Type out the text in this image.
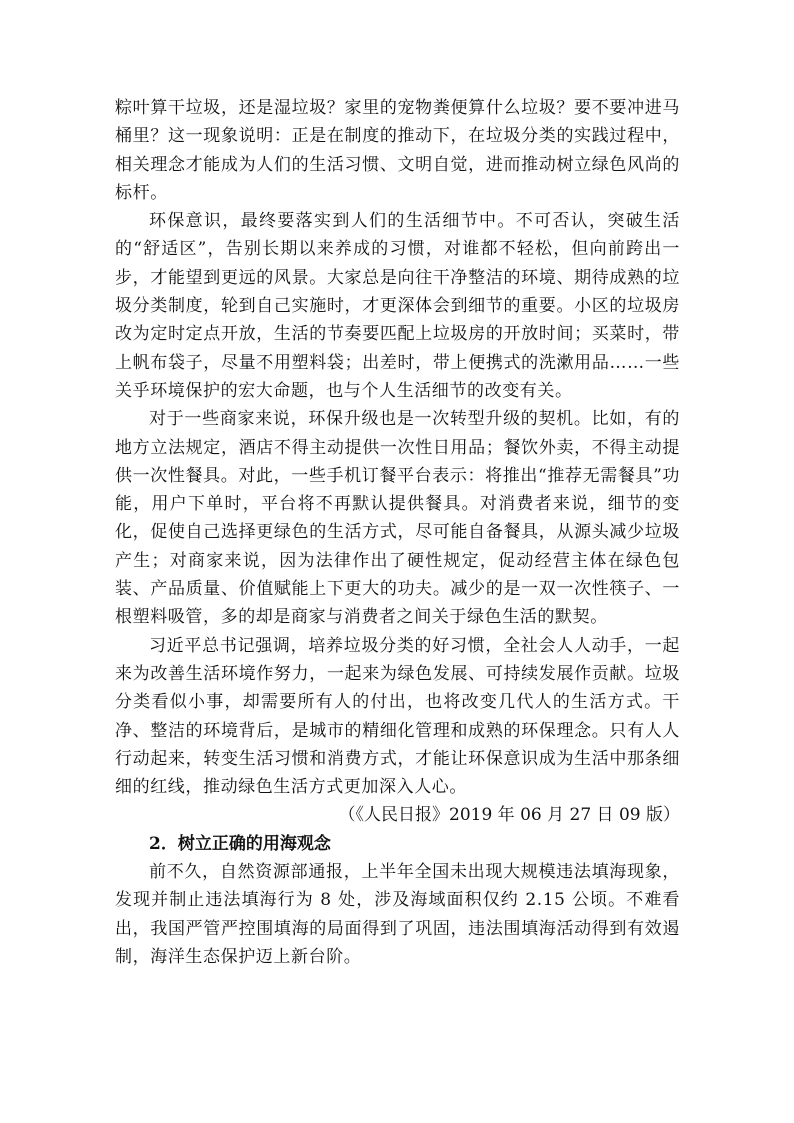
粽叶算干垃圾，还是湿垃圾？家里的宠物粪便算什么垃圾？要不要冲进马桶里？这一现象说明：正是在制度的推动下，在垃圾分类的实践过程中，相关理念才能成为人们的生活习惯、文明自觉，进而推动树立绿色风尚的标杆。

环保意识，最终要落实到人们的生活细节中。不可否认，突破生活的“舒适区”，告别长期以来养成的习惯，对谁都不轻松，但向前跨出一步，才能望到更远的风景。大家总是向往干净整洁的环境、期待成熟的垃圾分类制度，轮到自己实施时，才更深体会到细节的重要。小区的垃圾房改为定时定点开放，生活的节奏要匹配上垃圾房的开放时间；买菜时，带上帆布袋子，尽量不用塑料袋；出差时，带上便携式的洗漱用品……一些关乎环境保护的宏大命题，也与个人生活细节的改变有关。

对于一些商家来说，环保升级也是一次转型升级的契机。比如，有的地方立法规定，酒店不得主动提供一次性日用品；餐饮外卖，不得主动提供一次性餐具。对此，一些手机订餐平台表示：将推出“推荐无需餐具”功能，用户下单时，平台将不再默认提供餐具。对消费者来说，细节的变化，促使自己选择更绿色的生活方式，尽可能自备餐具，从源头减少垃圾产生；对商家来说，因为法律作出了硬性规定，促动经营主体在绿色包装、产品质量、价值赋能上下更大的功夫。减少的是一双一次性筷子、一根塑料吸管，多的却是商家与消费者之间关于绿色生活的默契。

习近平总书记强调，培养垃圾分类的好习惯，全社会人人动手，一起来为改善生活环境作努力，一起来为绿色发展、可持续发展作贡献。垃圾分类看似小事，却需要所有人的付出，也将改变几代人的生活方式。干净、整洁的环境背后，是城市的精细化管理和成熟的环保理念。只有人人行动起来，转变生活习惯和消费方式，才能让环保意识成为生活中那条细细的红线，推动绿色生活方式更加深入人心。

（《人民日报》2019 年 06 月 27 日 09 版）

2．树立正确的用海观念

前不久，自然资源部通报，上半年全国未出现大规模违法填海现象，发现并制止违法填海行为 8 处，涉及海域面积仅约 2.15 公顷。不难看出，我国严管严控围填海的局面得到了巩固，违法围填海活动得到有效遏制，海洋生态保护迈上新台阶。
